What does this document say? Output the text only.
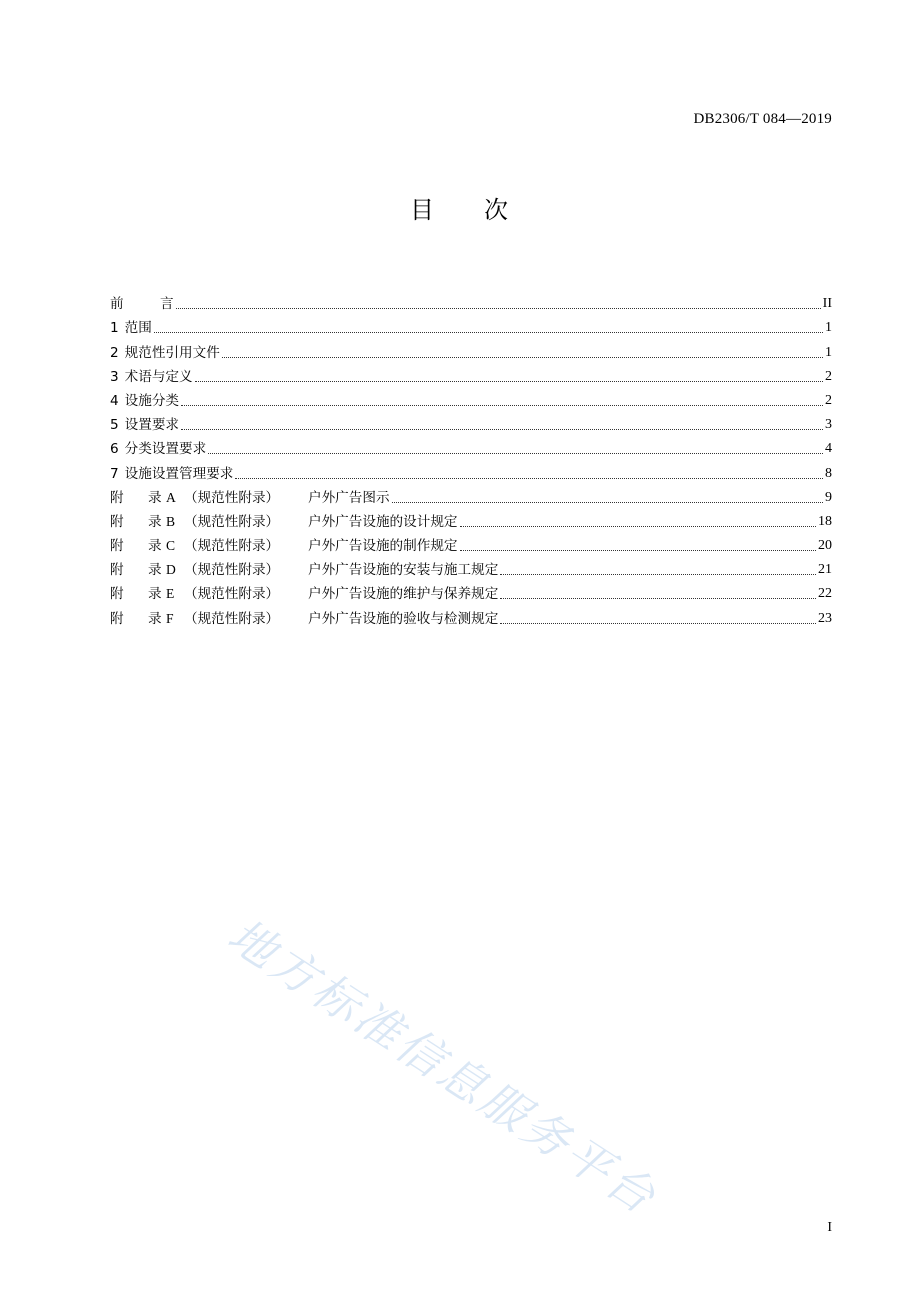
DB2306/T 084—2019
目 次
前	言	II
1 范围	1
2 规范性引用文件	1
3 术语与定义	2
4 设施分类	2
5 设置要求	3
6 分类设置要求	4
7 设施设置管理要求	8
附	录 A （规范性附录）	户外广告图示	9
附	录 B （规范性附录）	户外广告设施的设计规定	18
附	录 C （规范性附录）	户外广告设施的制作规定	20
附	录 D （规范性附录）	户外广告设施的安装与施工规定	21
附	录 E （规范性附录）	户外广告设施的维护与保养规定	22
附	录 F （规范性附录）	户外广告设施的验收与检测规定	23
地方标准信息服务平台
I
